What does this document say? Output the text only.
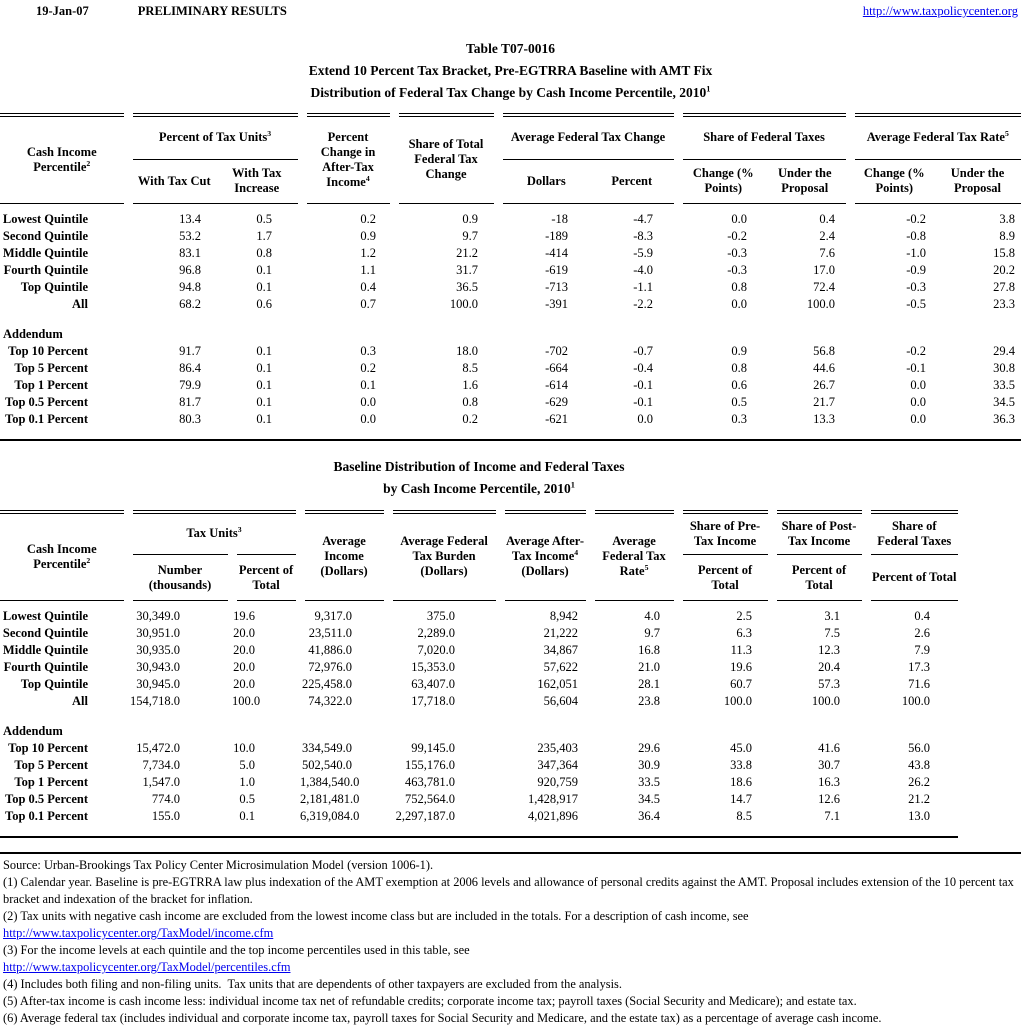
19-Jan-07	PRELIMINARY RESULTS	http://www.taxpolicycenter.org
Table T07-0016
Extend 10 Percent Tax Bracket, Pre-EGTRRA Baseline with AMT Fix
Distribution of Federal Tax Change by Cash Income Percentile, 2010$^1$
Cash Income Percentile$^2$	Percent of Tax Units$^3$		Percent Change in After-Tax Income$^4$	Share of Total Federal Tax Change	Average Federal Tax Change		Share of Federal Taxes		Average Federal Tax Rate$^5$
	With Tax Cut	With Tax Increase			Dollars	Percent	Change (% Points)	Under the Proposal	Change (% Points)	Under the Proposal
Lowest Quintile	13.4	0.5	0.2	0.9	-18	-4.7	0.0	0.4	-0.2	3.8
Second Quintile	53.2	1.7	0.9	9.7	-189	-8.3	-0.2	2.4	-0.8	8.9
Middle Quintile	83.1	0.8	1.2	21.2	-414	-5.9	-0.3	7.6	-1.0	15.8
Fourth Quintile	96.8	0.1	1.1	31.7	-619	-4.0	-0.3	17.0	-0.9	20.2
Top Quintile	94.8	0.1	0.4	36.5	-713	-1.1	0.8	72.4	-0.3	27.8
All	68.2	0.6	0.7	100.0	-391	-2.2	0.0	100.0	-0.5	23.3

Addendum										
Top 10 Percent	91.7	0.1	0.3	18.0	-702	-0.7	0.9	56.8	-0.2	29.4
Top 5 Percent	86.4	0.1	0.2	8.5	-664	-0.4	0.8	44.6	-0.1	30.8
Top 1 Percent	79.9	0.1	0.1	1.6	-614	-0.1	0.6	26.7	0.0	33.5
Top 0.5 Percent	81.7	0.1	0.0	0.8	-629	-0.1	0.5	21.7	0.0	34.5
Top 0.1 Percent	80.3	0.1	0.0	0.2	-621	0.0	0.3	13.3	0.0	36.3
Baseline Distribution of Income and Federal Taxes
by Cash Income Percentile, 2010$^1$
Cash Income Percentile$^2$	Tax Units$^3$		Average Income (Dollars)	Average Federal Tax Burden (Dollars)	Average After-Tax Income$^4$ (Dollars)	Average Federal Tax Rate$^5$	Share of Pre-Tax Income	Share of Post-Tax Income	Share of Federal Taxes
	Number (thousands)	Percent of Total					Percent of Total	Percent of Total	Percent of Total
Lowest Quintile	30,349.0	19.6	9,317.0	375.0	8,942	4.0	2.5	3.1	0.4
Second Quintile	30,951.0	20.0	23,511.0	2,289.0	21,222	9.7	6.3	7.5	2.6
Middle Quintile	30,935.0	20.0	41,886.0	7,020.0	34,867	16.8	11.3	12.3	7.9
Fourth Quintile	30,943.0	20.0	72,976.0	15,353.0	57,622	21.0	19.6	20.4	17.3
Top Quintile	30,945.0	20.0	225,458.0	63,407.0	162,051	28.1	60.7	57.3	71.6
All	154,718.0	100.0	74,322.0	17,718.0	56,604	23.8	100.0	100.0	100.0

Addendum									
Top 10 Percent	15,472.0	10.0	334,549.0	99,145.0	235,403	29.6	45.0	41.6	56.0
Top 5 Percent	7,734.0	5.0	502,540.0	155,176.0	347,364	30.9	33.8	30.7	43.8
Top 1 Percent	1,547.0	1.0	1,384,540.0	463,781.0	920,759	33.5	18.6	16.3	26.2
Top 0.5 Percent	774.0	0.5	2,181,481.0	752,564.0	1,428,917	34.5	14.7	12.6	21.2
Top 0.1 Percent	155.0	0.1	6,319,084.0	2,297,187.0	4,021,896	36.4	8.5	7.1	13.0
Source: Urban-Brookings Tax Policy Center Microsimulation Model (version 1006-1).
(1) Calendar year. Baseline is pre-EGTRRA law plus indexation of the AMT exemption at 2006 levels and allowance of personal credits against the AMT. Proposal includes extension of the 10 percent tax bracket and indexation of the bracket for inflation.
(2) Tax units with negative cash income are excluded from the lowest income class but are included in the totals. For a description of cash income, see
http://www.taxpolicycenter.org/TaxModel/income.cfm
(3) For the income levels at each quintile and the top income percentiles used in this table, see
http://www.taxpolicycenter.org/TaxModel/percentiles.cfm
(4) Includes both filing and non-filing units.  Tax units that are dependents of other taxpayers are excluded from the analysis.
(5) After-tax income is cash income less: individual income tax net of refundable credits; corporate income tax; payroll taxes (Social Security and Medicare); and estate tax.
(6) Average federal tax (includes individual and corporate income tax, payroll taxes for Social Security and Medicare, and the estate tax) as a percentage of average cash income.
